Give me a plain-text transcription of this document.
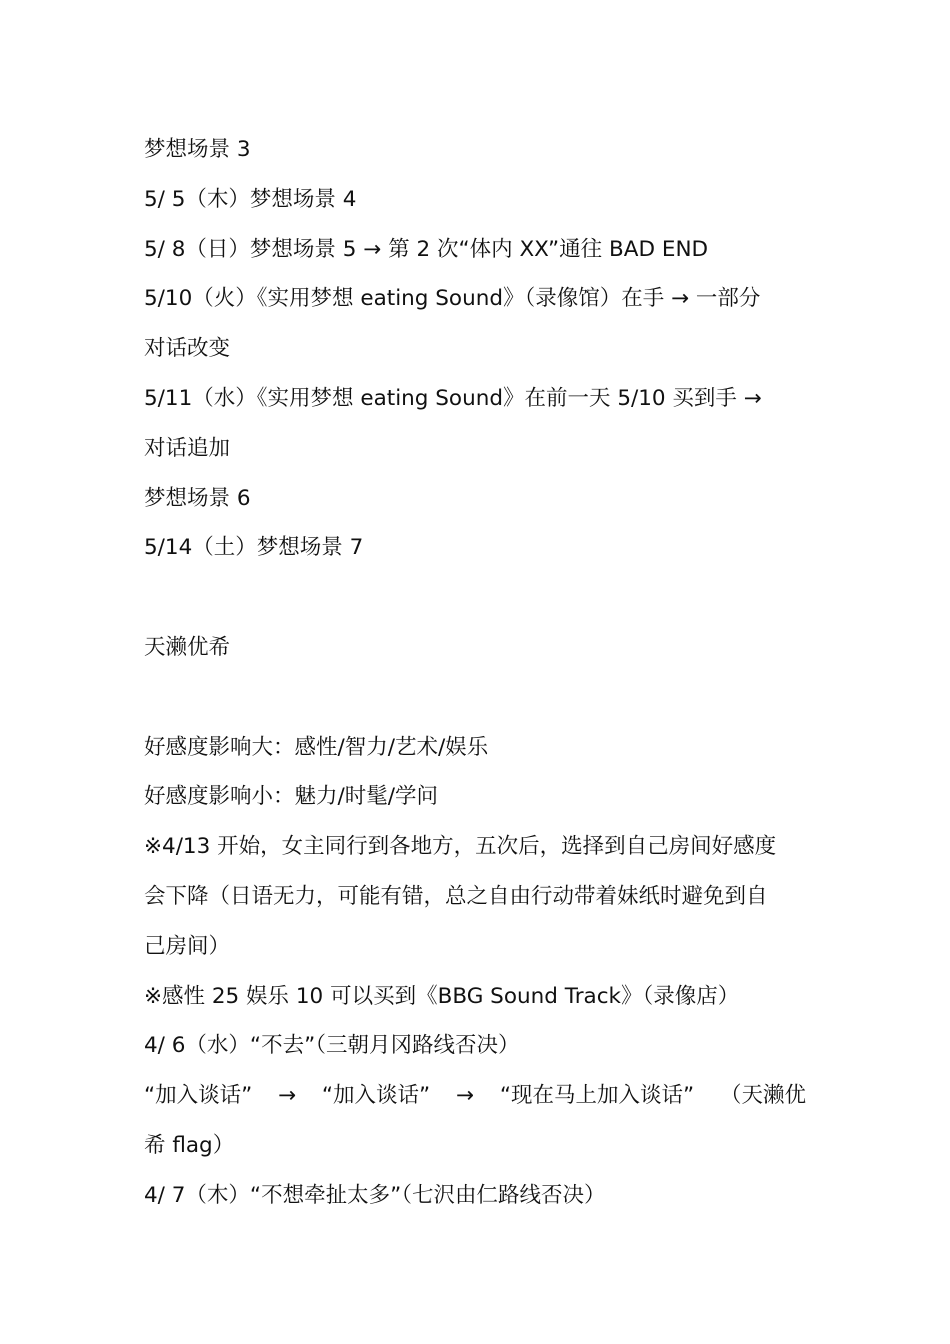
梦想场景 3
5/ 5（木）梦想场景 4
5/ 8（日）梦想场景 5 → 第 2 次“体内 XX”通往 BAD END
5/10（火）《实用梦想 eating Sound》（录像馆）在手 → 一部分
对话改变
5/11（水）《实用梦想 eating Sound》在前一天 5/10 买到手 →
对话追加
梦想场景 6
5/14（土）梦想场景 7
天濑优希
好感度影响大：感性/智力/艺术/娱乐
好感度影响小：魅力/时髦/学问
※4/13 开始，女主同行到各地方，五次后，选择到自己房间好感度
会下降（日语无力，可能有错，总之自由行动带着妹纸时避免到自
己房间）
※感性 25 娱乐 10 可以买到《BBG Sound Track》（录像店）
4/ 6（水）“不去”（三朝月冈路线否决）
“加入谈话” → “加入谈话” → “现在马上加入谈话” （天濑优
希 flag）
4/ 7（木）“不想牵扯太多”（七沢由仁路线否决）
